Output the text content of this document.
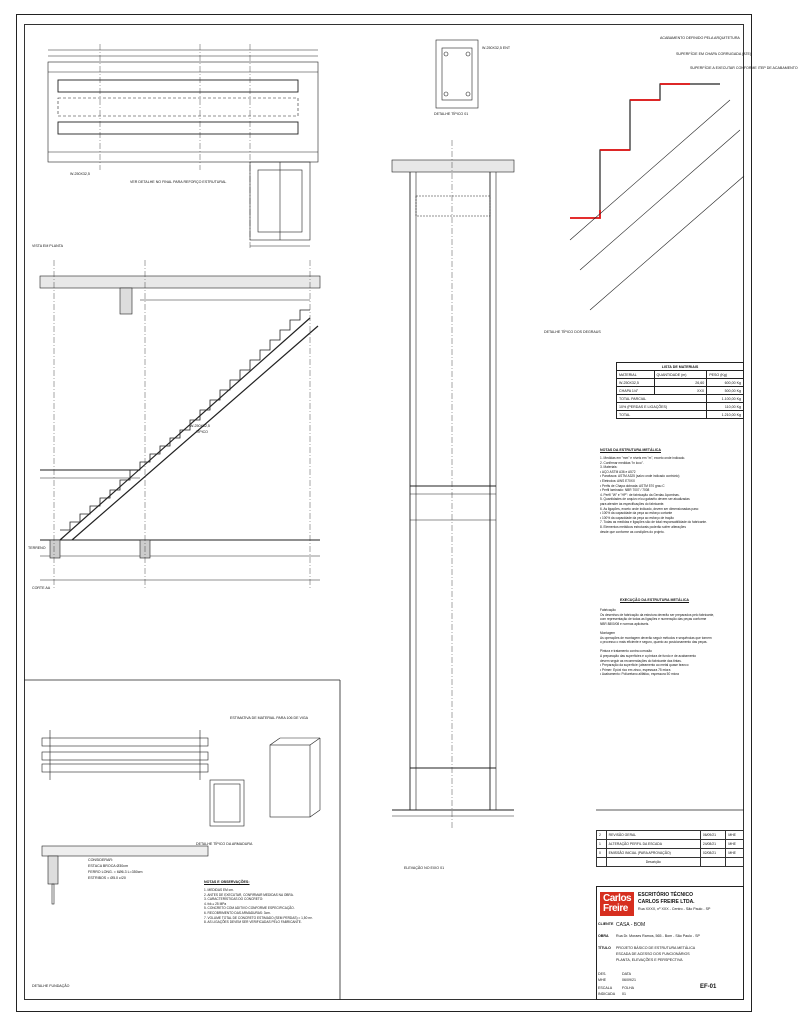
VISTA EM PLANTA
VER DETALHE NO FINAL PARA REFORÇO ESTRUTURAL
W-250X32,5
CORTE AA
W-250X32,5
TÍPICO
TERRENO
ELEVAÇÃO NO EIXO 01
DETALHE TÍPICO 01
W-250X32,5 ENT
DETALHE TÍPICO DOS DEGRAUS
ACABAMENTO DEFINIDO PELA ARQUITETURA
SUPERFÍCIE EM CHAPA CORRUGADA (ATE)
SUPERFÍCIE A EXECUTAR CONFORME ITEP DE ACABAMENTO
DETALHE FUNDAÇÃO
CONSIDERAR:
ESTACA BROCA Ø30cm
FERRO LONG. = 6Ø6.3 L=350cm
ESTRIBOS = Ø5.0 c/20
DETALHE TÍPICO DA ARMADURA
ESTIMATIVA DE MATERIAL PARA 106 DE VIGA
LISTA DE MATERIAIS		
MATERIAL	QUANTIDADE (m)	PESO (Kg)
W-250X32,5	26,60	600,00 Kg
CHAPA 1/4"	XXX	500,00 Kg
TOTAL PARCIAL		1.100,00 Kg
10% (PERDAS E LIGAÇÕES)		110,00 Kg
TOTAL		1.210,00 Kg
NOTAS DA ESTRUTURA METÁLICA
1. Medidas em "mm" e níveis em "m", exceto onde indicado.
2. Confirmar medidas "in loco".
3. Materiais:
• AÇO ASTM A36 e A572
• Parafusos: ASTM A325 (salvo onde indicado contrário)
• Eletrodos: AWS E70XX
• Perfis de Chapa dobrada: ASTM 570 grau C
• Perfil laminado: NBR 7007 / 7008
4. Perfil "W" e "HP": de fabricação da Gerdau Açominas.
5. Quantidades de arquivo e/ou gabarito devem ser atualizadas
para atender às especificações do fabricante.
6. As ligações, exceto onde indicado, devem ser dimensionadas para:
• 100% da capacidade da peça ao esforço cortante
• 100% da capacidade da peça ao esforço de tração
7. Todas as medidas e ligações são de total responsabilidade do fabricante.
8. Elementos metálicos estruturais poderão sofrer alterações
desde que conforme as condições do projeto.
EXECUÇÃO DA ESTRUTURA METÁLICA
Fabricação
Os desenhos de fabricação da estrutura deverão ser preparados pelo fabricante,
com representação de todas as ligações e numeração das peças conforme
NBR 8800/08 e normas aplicáveis.

Montagem
As operações de montagem deverão seguir métodos e sequências que tornem
o processo o mais eficiente e seguro, quanto ao posicionamento das peças.

Pintura e tratamento contra corrosão
A preparação das superfícies e a pintura de fundo e de acabamento
devem seguir as recomendações do fabricante das tintas.
• Preparação da superfície: jateamento ao metal quase branco
• Primer: Epóxi rico em zinco, espessura 75 micra
• Acabamento: Poliuretano alifático, espessura 50 micra
NOTAS E OBSERVAÇÕES:
1. MEDIDAS EM cm.
2. ANTES DE EXECUTAR, CONFIRMAR MEDIDAS NA OBRA.
3. CARACTERÍSTICAS DO CONCRETO:
4. fck ≥ 25 MPa
5. CONCRETO COM ADITIVO CONFORME ESPECIFICAÇÃO.
6. RECOBRIMENTO DAS ARMADURAS: 3cm.
7. VOLUME TOTAL DE CONCRETO ESTIMADO (SEM PERDAS) = 1,50 m³.
8. AS LIGAÇÕES DEVEM SER VERIFICADAS PELO FABRICANTE.
2	REVISÃO GERAL	06/09/21	MHE
1	ALTERAÇÃO PERFIL DA ESCADA	24/08/21	MHE
0	EMISSÃO INICIAL (PARA APROVAÇÃO)	02/08/21	MHE
	Descrição		
Carlos
Freire
ESCRITÓRIO TÉCNICO
CARLOS FREIRE LTDA.
Rua XXXX, nº XXX - Centro - São Paulo - SP
CLIENTE CASA - BOM
OBRA Rua Dr. Moraes Ramos, 565 - Bom - São Paulo - SP
TÍTULO PROJETO BÁSICO DE ESTRUTURA METÁLICA
ESCADA DE ACESSO DOS FUNCIONÁRIOS
PLANTA, ELEVAÇÕES E PERSPECTIVA
DES.
MHE
ESCALA
INDICADA
DATA
06/09/21
FOLHA
01
EF-01
